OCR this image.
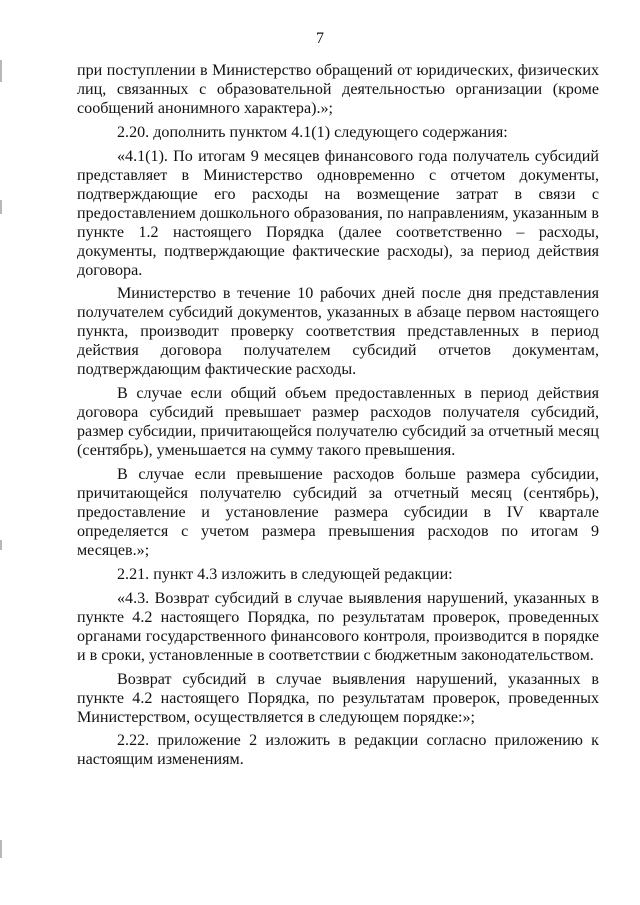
7

при поступлении в Министерство обращений от юридических, физических лиц, связанных с образовательной деятельностью организации (кроме сообщений анонимного характера).»;

2.20. дополнить пунктом 4.1(1) следующего содержания:

«4.1(1). По итогам 9 месяцев финансового года получатель субсидий представляет в Министерство одновременно с отчетом документы, подтверждающие его расходы на возмещение затрат в связи с предоставлением дошкольного образования, по направлениям, указанным в пункте 1.2 настоящего Порядка (далее соответственно – расходы, документы, подтверждающие фактические расходы), за период действия договора.

Министерство в течение 10 рабочих дней после дня представления получателем субсидий документов, указанных в абзаце первом настоящего пункта, производит проверку соответствия представленных в период действия договора получателем субсидий отчетов документам, подтверждающим фактические расходы.

В случае если общий объем предоставленных в период действия договора субсидий превышает размер расходов получателя субсидий, размер субсидии, причитающейся получателю субсидий за отчетный месяц (сентябрь), уменьшается на сумму такого превышения.

В случае если превышение расходов больше размера субсидии, причитающейся получателю субсидий за отчетный месяц (сентябрь), предоставление и установление размера субсидии в IV квартале определяется с учетом размера превышения расходов по итогам 9 месяцев.»;

2.21. пункт 4.3 изложить в следующей редакции:

«4.3. Возврат субсидий в случае выявления нарушений, указанных в пункте 4.2 настоящего Порядка, по результатам проверок, проведенных органами государственного финансового контроля, производится в порядке и в сроки, установленные в соответствии с бюджетным законодательством.

Возврат субсидий в случае выявления нарушений, указанных в пункте 4.2 настоящего Порядка, по результатам проверок, проведенных Министерством, осуществляется в следующем порядке:»;

2.22. приложение 2 изложить в редакции согласно приложению к настоящим изменениям.
